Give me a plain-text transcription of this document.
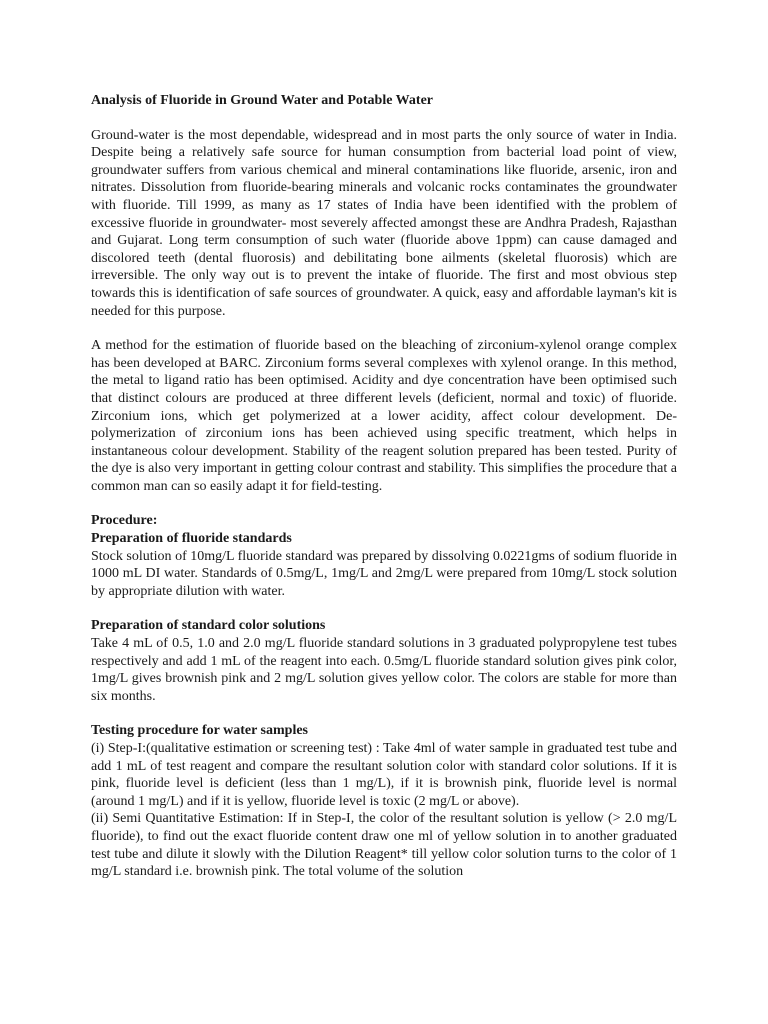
Analysis of Fluoride in Ground Water and Potable Water

Ground-water is the most dependable, widespread and in most parts the only source of water in India. Despite being a relatively safe source for human consumption from bacterial load point of view, groundwater suffers from various chemical and mineral contaminations like fluoride, arsenic, iron and nitrates. Dissolution from fluoride-bearing minerals and volcanic rocks contaminates the groundwater with fluoride. Till 1999, as many as 17 states of India have been identified with the problem of excessive fluoride in groundwater- most severely affected amongst these are Andhra Pradesh, Rajasthan and Gujarat. Long term consumption of such water (fluoride above 1ppm) can cause damaged and discolored teeth (dental fluorosis) and debilitating bone ailments (skeletal fluorosis) which are irreversible. The only way out is to prevent the intake of fluoride. The first and most obvious step towards this is identification of safe sources of groundwater. A quick, easy and affordable layman's kit is needed for this purpose.

A method for the estimation of fluoride based on the bleaching of zirconium-xylenol orange complex has been developed at BARC. Zirconium forms several complexes with xylenol orange. In this method, the metal to ligand ratio has been optimised. Acidity and dye concentration have been optimised such that distinct colours are produced at three different levels (deficient, normal and toxic) of fluoride. Zirconium ions, which get polymerized at a lower acidity, affect colour development. De-polymerization of zirconium ions has been achieved using specific treatment, which helps in instantaneous colour development. Stability of the reagent solution prepared has been tested. Purity of the dye is also very important in getting colour contrast and stability. This simplifies the procedure that a common man can so easily adapt it for field-testing.

Procedure:
Preparation of fluoride standards

Stock solution of 10mg/L fluoride standard was prepared by dissolving 0.0221gms of sodium fluoride in 1000 mL DI water. Standards of 0.5mg/L, 1mg/L and 2mg/L were prepared from 10mg/L stock solution by appropriate dilution with water.

Preparation of standard color solutions

Take 4 mL of 0.5, 1.0 and 2.0 mg/L fluoride standard solutions in 3 graduated polypropylene test tubes respectively and add 1 mL of the reagent into each. 0.5mg/L fluoride standard solution gives pink color, 1mg/L gives brownish pink and 2 mg/L solution gives yellow color. The colors are stable for more than six months.

Testing procedure for water samples

(i) Step-I:(qualitative estimation or screening test) : Take 4ml of water sample in graduated test tube and add 1 mL of test reagent and compare the resultant solution color with standard color solutions. If it is pink, fluoride level is deficient (less than 1 mg/L), if it is brownish pink, fluoride level is normal (around 1 mg/L) and if it is yellow, fluoride level is toxic (2 mg/L or above).

(ii) Semi Quantitative Estimation: If in Step-I, the color of the resultant solution is yellow (> 2.0 mg/L fluoride), to find out the exact fluoride content draw one ml of yellow solution in to another graduated test tube and dilute it slowly with the Dilution Reagent* till yellow color solution turns to the color of 1 mg/L standard i.e. brownish pink. The total volume of the solution
